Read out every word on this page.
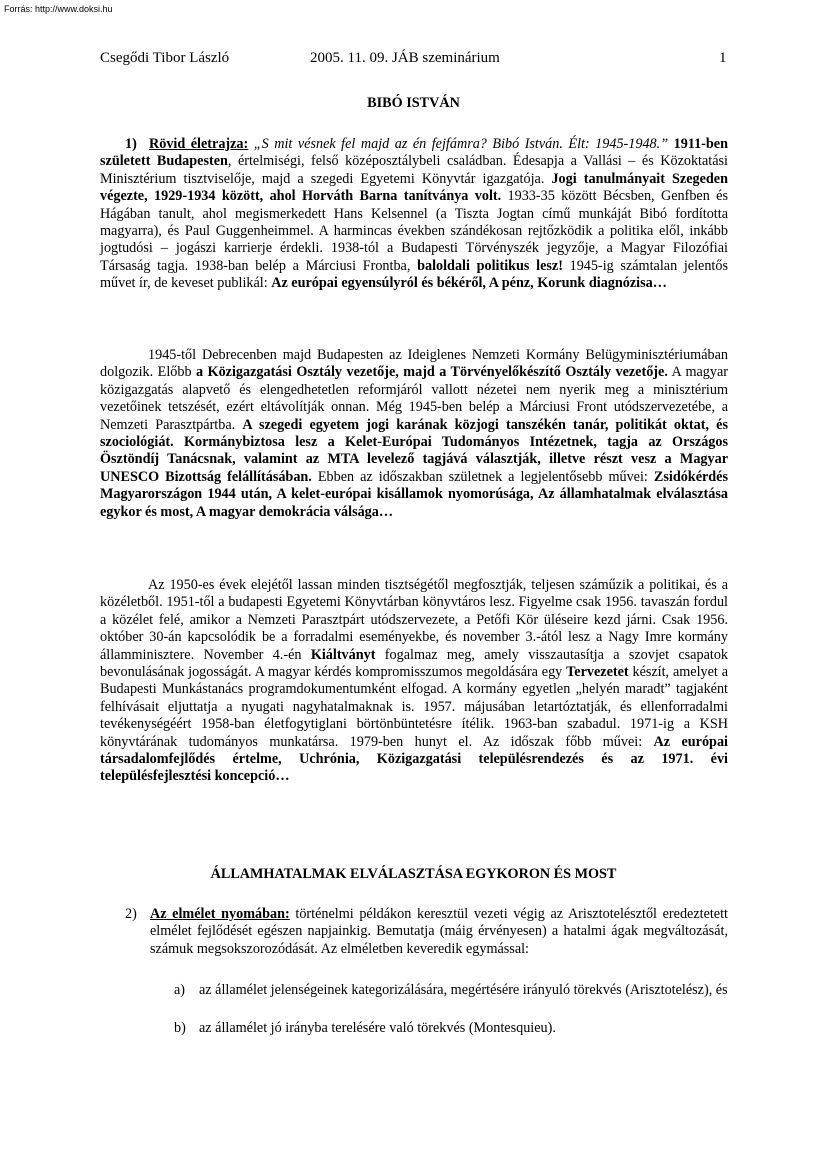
Forrás: http://www.doksi.hu
Csegődi Tibor László	2005. 11. 09. JÁB szeminárium	1
BIBÓ ISTVÁN
1) Rövid életrajza: „S mit vésnek fel majd az én fejfámra? Bibó István. Élt: 1945-1948.” 1911-ben született Budapesten, értelmiségi, felső középosztálybeli családban. Édesapja a Vallási – és Közoktatási Minisztérium tisztviselője, majd a szegedi Egyetemi Könyvtár igazgatója. Jogi tanulmányait Szegeden végezte, 1929-1934 között, ahol Horváth Barna tanítványa volt. 1933-35 között Bécsben, Genfben és Hágában tanult, ahol megismerkedett Hans Kelsennel (a Tiszta Jogtan című munkáját Bibó fordította magyarra), és Paul Guggenheimmel. A harmincas években szándékosan rejtőzködik a politika elől, inkább jogtudósi – jogászi karrierje érdekli. 1938-tól a Budapesti Törvényszék jegyzője, a Magyar Filozófiai Társaság tagja. 1938-ban belép a Márciusi Frontba, baloldali politikus lesz! 1945-ig számtalan jelentős művet ír, de keveset publikál: Az európai egyensúlyról és békéről, A pénz, Korunk diagnózisa…

1945-től Debrecenben majd Budapesten az Ideiglenes Nemzeti Kormány Belügyminisztériumában dolgozik. Előbb a Közigazgatási Osztály vezetője, majd a Törvényelőkészítő Osztály vezetője. A magyar közigazgatás alapvető és elengedhetetlen reformjáról vallott nézetei nem nyerik meg a minisztérium vezetőinek tetszését, ezért eltávolítják onnan. Még 1945-ben belép a Márciusi Front utódszervezetébe, a Nemzeti Parasztpártba. A szegedi egyetem jogi karának közjogi tanszékén tanár, politikát oktat, és szociológiát. Kormánybiztosa lesz a Kelet-Európai Tudományos Intézetnek, tagja az Országos Ösztöndíj Tanácsnak, valamint az MTA levelező tagjává választják, illetve részt vesz a Magyar UNESCO Bizottság felállításában. Ebben az időszakban születnek a legjelentősebb művei: Zsidókérdés Magyarországon 1944 után, A kelet-európai kisállamok nyomorúsága, Az államhatalmak elválasztása egykor és most, A magyar demokrácia válsága…

Az 1950-es évek elejétől lassan minden tisztségétől megfosztják, teljesen száműzik a politikai, és a közéletből. 1951-től a budapesti Egyetemi Könyvtárban könyvtáros lesz. Figyelme csak 1956. tavaszán fordul a közélet felé, amikor a Nemzeti Parasztpárt utódszervezete, a Petőfi Kör üléseire kezd járni. Csak 1956. október 30-án kapcsolódik be a forradalmi eseményekbe, és november 3.-ától lesz a Nagy Imre kormány államminisztere. November 4.-én Kiáltványt fogalmaz meg, amely visszautasítja a szovjet csapatok bevonulásának jogosságát. A magyar kérdés kompromisszumos megoldására egy Tervezetet készít, amelyet a Budapesti Munkástanács programdokumentumként elfogad. A kormány egyetlen „helyén maradt” tagjaként felhívásait eljuttatja a nyugati nagyhatalmaknak is. 1957. májusában letartóztatják, és ellenforradalmi tevékenységéért 1958-ban életfogytiglani börtönbüntetésre ítélik. 1963-ban szabadul. 1971-ig a KSH könyvtárának tudományos munkatársa. 1979-ben hunyt el. Az időszak főbb művei: Az európai társadalomfejlődés értelme, Uchrónia, Közigazgatási településrendezés és az 1971. évi településfejlesztési koncepció…

ÁLLAMHATALMAK ELVÁLASZTÁSA EGYKORON ÉS MOST

2) Az elmélet nyomában: történelmi példákon keresztül vezeti végig az Arisztotelésztől eredeztetett elmélet fejlődését egészen napjainkig. Bemutatja (máig érvényesen) a hatalmi ágak megváltozását, számuk megsokszorozódását. Az elméletben keveredik egymással:

a) az államélet jelenségeinek kategorizálására, megértésére irányuló törekvés (Arisztotelész), és
b) az államélet jó irányba terelésére való törekvés (Montesquieu).
